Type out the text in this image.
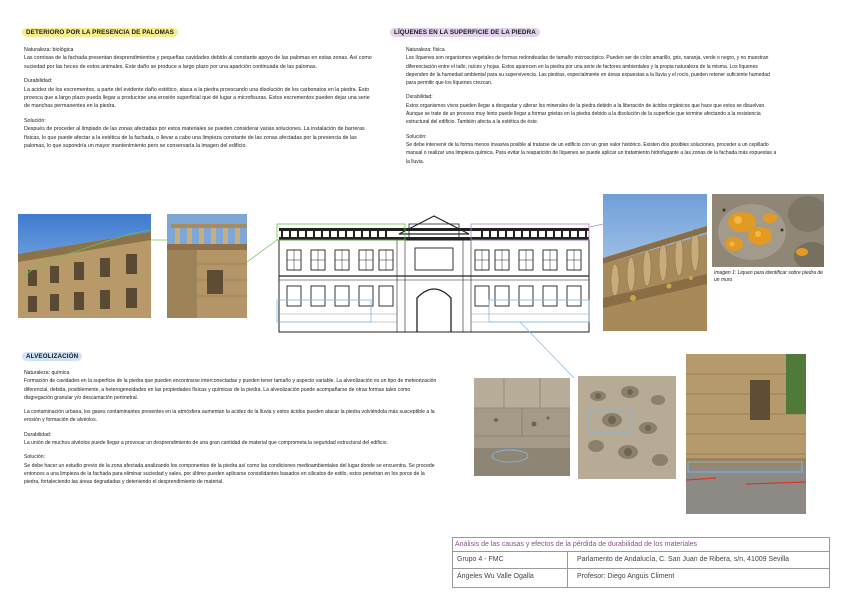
DETERIORO POR LA PRESENCIA DE PALOMAS

Naturaleza: biológica

Las cornisas de la fachada presentan desprendimientos y pequeñas cavidades debido al constante apoyo de las palomas en estas zonas. Así como suciedad por las heces de estos animales. Este daño se produce a largo plazo por una aparición continuada de las palomas.

Durabilidad:

La acidez de los excrementos, a parte del evidente daño estético, ataca a la piedra provocando una disolución de los carbonatos en la piedra. Esto provoca que a largo plazo pueda llegar a producirse una erosión superficial que dé lugar a microfisuras. Estos excrementos pueden dejar una serie de manchas permanentes en la piedra.

Solución:

Después de proceder al limpiado de las zonas afectadas por estos materiales se pueden considerar varias soluciones. La instalación de barreras físicas, lo que puede afectar a la estética de la fachada, o llevar a cabo una limpieza constante de las zonas afectadas por la presencia de las palomas, lo que supondría un mayor mantenimiento pero se conservaría la imagen del edificio.

LÍQUENES EN LA SUPERFICIE DE LA PIEDRA

Naturaleza: física

Los líquenes son organismos vegetales de formas redondeadas de tamaño microscópico. Pueden ser de color amarillo, gris, naranja, verde o negro, y no muestran diferenciación entre el tallo, raíces y hojas. Estos aparecen en la piedra por una serie de factores ambientales y la propia naturaleza de la misma. Los líquenes dependen de la humedad ambiental para su supervivencia. Las piedras, especialmente en áreas expuestas a la lluvia y el rocío, pueden retener suficiente humedad para permitir que los líquenes crezcan.

Durabilidad:

Estos organismos vivos pueden llegar a desgastar y alterar los minerales de la piedra debido a la liberación de ácidos orgánicos que hace que estos se disuelvan. Aunque se trate de un proceso muy lento puede llegar a formar grietas en la piedra debido a la disolución de la superficie que termine afectando a la resistencia estructural del edificio. También afecta a la estética de éste.

Solución:

Se debe intervenir de la forma menos invasiva posible al tratarse de un edificio con un gran valor histórico. Existen dos posibles soluciones, proceder a un cepillado manual o realizar una limpieza química. Para evitar la reaparición de líquenes se puede aplicar un tratamiento hidrofugante a las zonas de la fachada más expuestas a la lluvia.

ALVEOLIZACIÓN

Naturaleza: química

Formación de cavidades en la superficie de la piedra que pueden encontrarse interconectadas y pueden tener tamaño y aspecto variable. La alveolización es un tipo de meteorización diferencial, debida, posiblemente, a heterogeneidades en las propiedades físicas y químicas de la piedra. La alveolización puede acompañarse de otras formas tales como disgregación granular y/o descamación perimetral.

La contaminación urbana, los gases contaminantes presentes en la atmósfera aumentan la acidez de la lluvia y estos ácidos pueden atacar la piedra volviéndola más susceptible a la erosión y formación de alvéolos.

Durabilidad:

La unión de muchos alvéolos puede llegar a provocar un desprendimiento de una gran cantidad de material que comprometa la seguridad estructural del edificio.

Solución:

Se debe hacer un estudio previo de la zona afectada analizando los componentes de la piedra así como las condiciones medioambientales del lugar donde se encuentra. Se procede entonces a una limpieza de la fachada para eliminar suciedad y sales, por último pueden aplicarse consolidantes basados en silicatos de estilo, estos penetran en los poros de la piedra, fortaleciendo las áreas degradadas y deteniendo el desprendimiento de material.

Imagen 1: Liquen para identificar sobre piedra de un muro
Análisis de las causas y efectos de la pérdida de durabilidad de los materiales
Grupo 4 - FMC	Parlamento de Andalucía, C. San Juan de Ribera, s/n, 41009 Sevilla
Ángeles Wu Valle Ogalla	Profesor: Diego Anguis Climent
